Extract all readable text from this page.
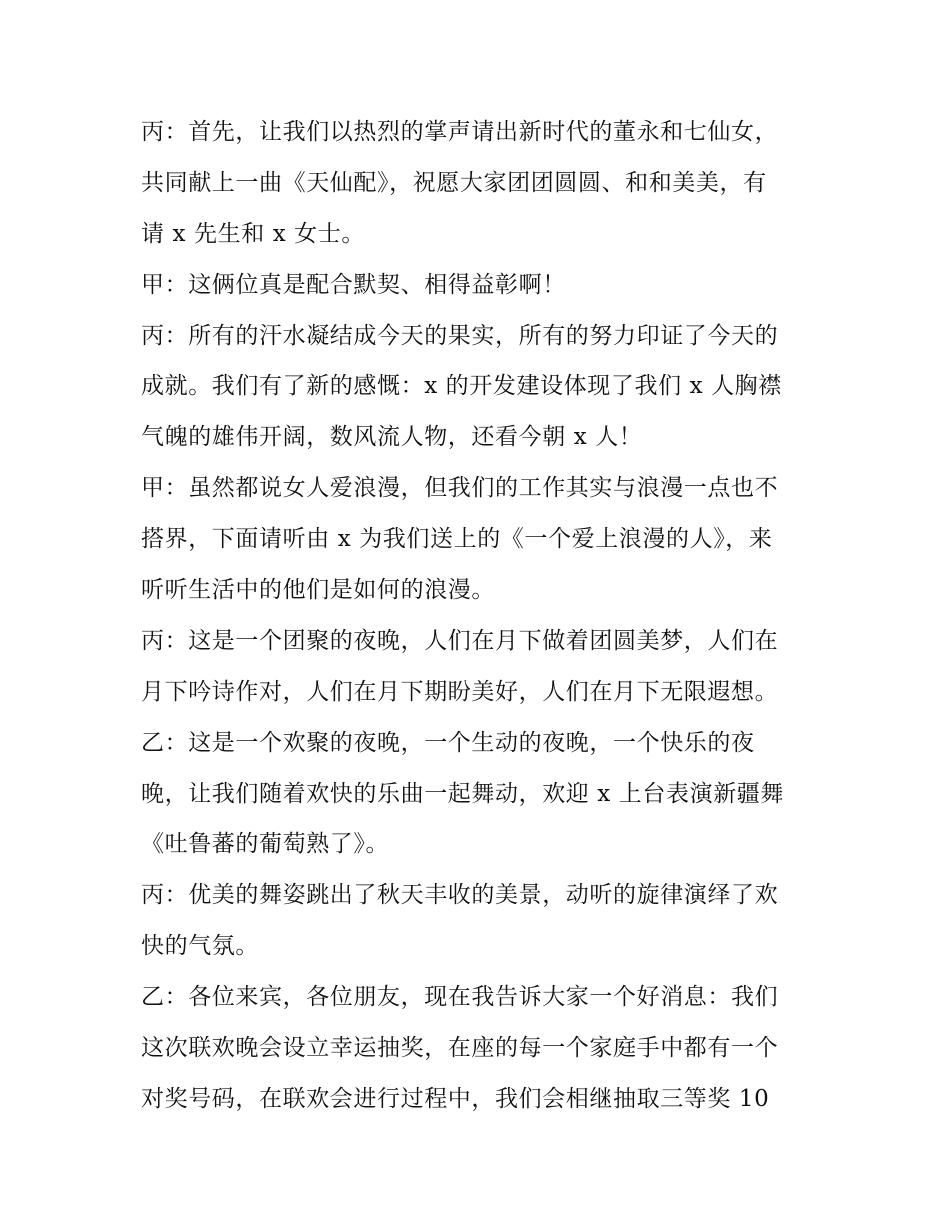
丙：首先，让我们以热烈的掌声请出新时代的董永和七仙女，
共同献上一曲《天仙配》，祝愿大家团团圆圆、和和美美，有
请 x 先生和 x 女士。
甲：这俩位真是配合默契、相得益彰啊！
丙：所有的汗水凝结成今天的果实，所有的努力印证了今天的
成就。我们有了新的感慨：x 的开发建设体现了我们 x 人胸襟
气魄的雄伟开阔，数风流人物，还看今朝 x 人！
甲：虽然都说女人爱浪漫，但我们的工作其实与浪漫一点也不
搭界，下面请听由 x 为我们送上的《一个爱上浪漫的人》，来
听听生活中的他们是如何的浪漫。
丙：这是一个团聚的夜晚，人们在月下做着团圆美梦，人们在
月下吟诗作对，人们在月下期盼美好，人们在月下无限遐想。
乙：这是一个欢聚的夜晚，一个生动的夜晚，一个快乐的夜
晚，让我们随着欢快的乐曲一起舞动，欢迎 x 上台表演新疆舞
《吐鲁蕃的葡萄熟了》。
丙：优美的舞姿跳出了秋天丰收的美景，动听的旋律演绎了欢
快的气氛。
乙：各位来宾，各位朋友，现在我告诉大家一个好消息：我们
这次联欢晚会设立幸运抽奖，在座的每一个家庭手中都有一个
对奖号码，在联欢会进行过程中，我们会相继抽取三等奖 10
